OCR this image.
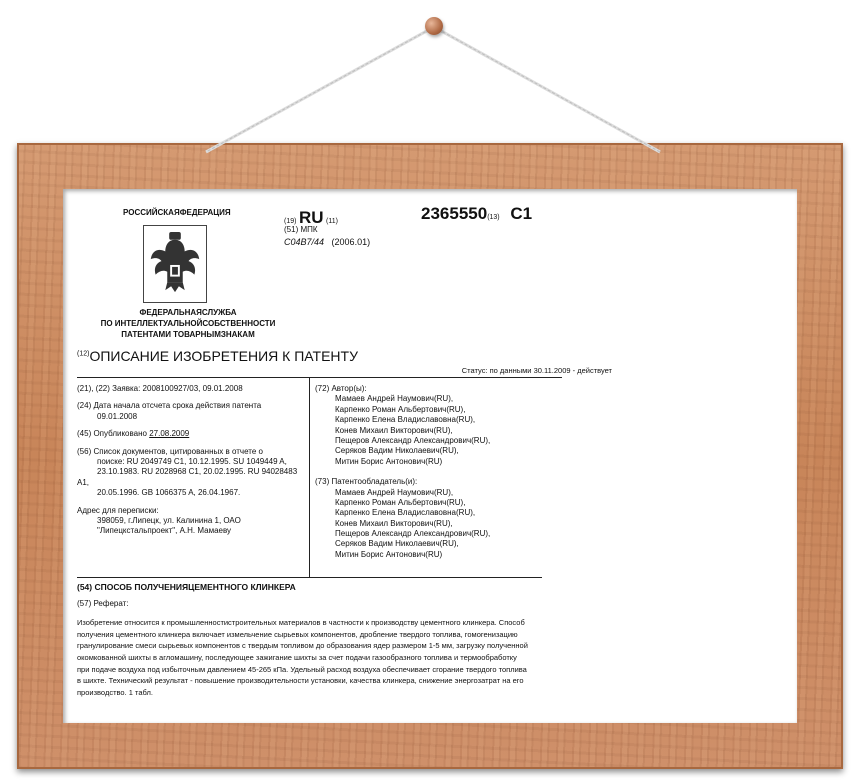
РОССИЙСКАЯФЕДЕРАЦИЯ
ФЕДЕРАЛЬНАЯСЛУЖБА
ПО ИНТЕЛЛЕКТУАЛЬНОЙСОБСТВЕННОСТИ
ПАТЕНТАМИ ТОВАРНЫМЗНАКАМ
(19) RU (11)	2365550(13) C1
(51) МПК
C04B7/44 (2006.01)
$^{(12)}$ОПИСАНИЕ ИЗОБРЕТЕНИЯ К ПАТЕНТУ
Статус: по данными 30.11.2009 - действует

(21), (22) Заявка: 2008100927/03, 09.01.2008

(24) Дата начала отсчета срока действия патента
09.01.2008

(45) Опубликовано 27.08.2009

(56) Список документов, цитированных в отчете о
поиске: RU 2049749 C1, 10.12.1995. SU 1049449 A,
23.10.1983. RU 2028968 C1, 20.02.1995. RU 94028483 A1,
20.05.1996. GB 1066375 A, 26.04.1967.

Адрес для переписки:
398059, г.Липецк, ул. Калинина 1, ОАО
"Липецкстальпроект", А.Н. Мамаеву

(72) Автор(ы):

Мамаев Андрей Наумович(RU),

Карпенко Роман Альбертович(RU),

Карпенко Елена Владиславовна(RU),

Конев Михаил Викторович(RU),

Пещеров Александр Александрович(RU),

Серяков Вадим Николаевич(RU),

Митин Борис Антонович(RU)

(73) Патентообладатель(и):

Мамаев Андрей Наумович(RU),

Карпенко Роман Альбертович(RU),

Карпенко Елена Владиславовна(RU),

Конев Михаил Викторович(RU),

Пещеров Александр Александрович(RU),

Серяков Вадим Николаевич(RU),

Митин Борис Антонович(RU)

(54) СПОСОБ ПОЛУЧЕНИЯЦЕМЕНТНОГО КЛИНКЕРА
(57) Реферат:
Изобретение относится к промышленностистроительных материалов в частности к производству цементного клинкера. Способ
получения цементного клинкера включает измельчение сырьевых компонентов, дробление твердого топлива, гомогенизацию
гранулирование смеси сырьевых компонентов с твердым топливом до образования ядер размером 1-5 мм, загрузку полученной
окомкованной шихты в агломашину, последующее зажигание шихты за счет подачи газообразного топлива и термообработку
при подаче воздуха под избыточным давлением 45-265 кПа. Удельный расход воздуха обеспечивает сгорание твердого топлива
в шихте. Технический результат - повышение производительности установки, качества клинкера, снижение энергозатрат на его
производство. 1 табл.
